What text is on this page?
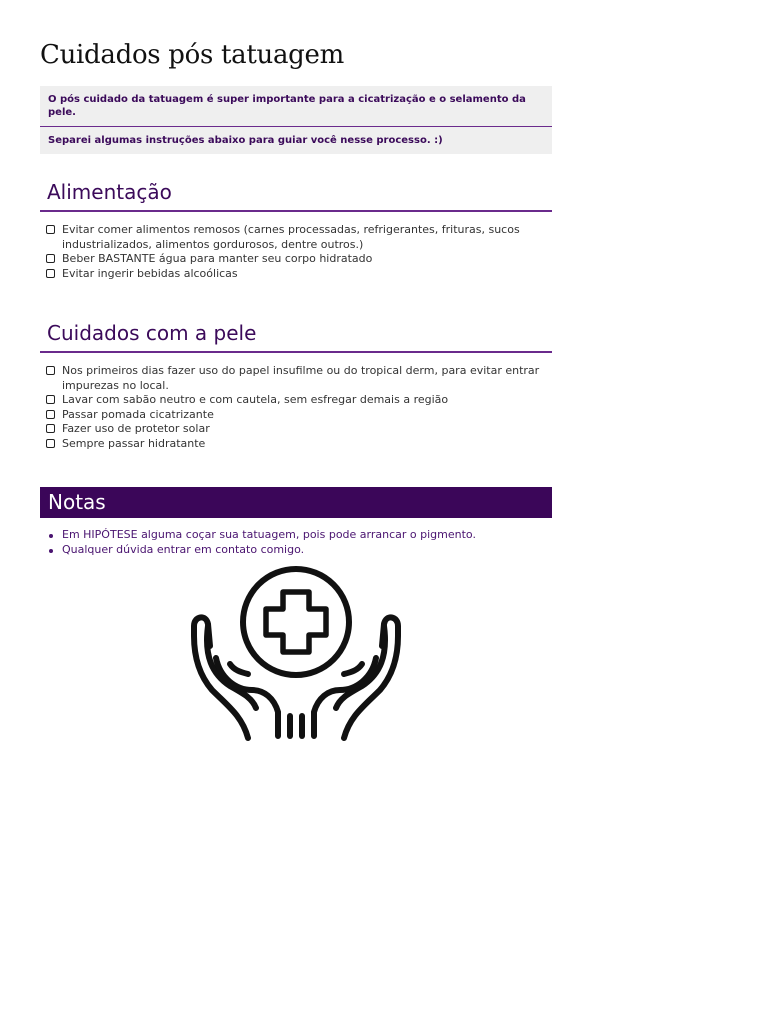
Cuidados pós tatuagem
O pós cuidado da tatuagem é super importante para a cicatrização e o selamento da pele.
Separei algumas instruções abaixo para guiar você nesse processo. :)
Alimentação
Evitar comer alimentos remosos (carnes processadas, refrigerantes, frituras, sucos industrializados, alimentos gordurosos, dentre outros.)
Beber BASTANTE água para manter seu corpo hidratado
Evitar ingerir bebidas alcoólicas
Cuidados com a pele
Nos primeiros dias fazer uso do papel insufilme ou do tropical derm, para evitar entrar impurezas no local.
Lavar com sabão neutro e com cautela, sem esfregar demais a região
Passar pomada cicatrizante
Fazer uso de protetor solar
Sempre passar hidratante
Notas
Em HIPÓTESE alguma coçar sua tatuagem, pois pode arrancar o pigmento.
Qualquer dúvida entrar em contato comigo.
